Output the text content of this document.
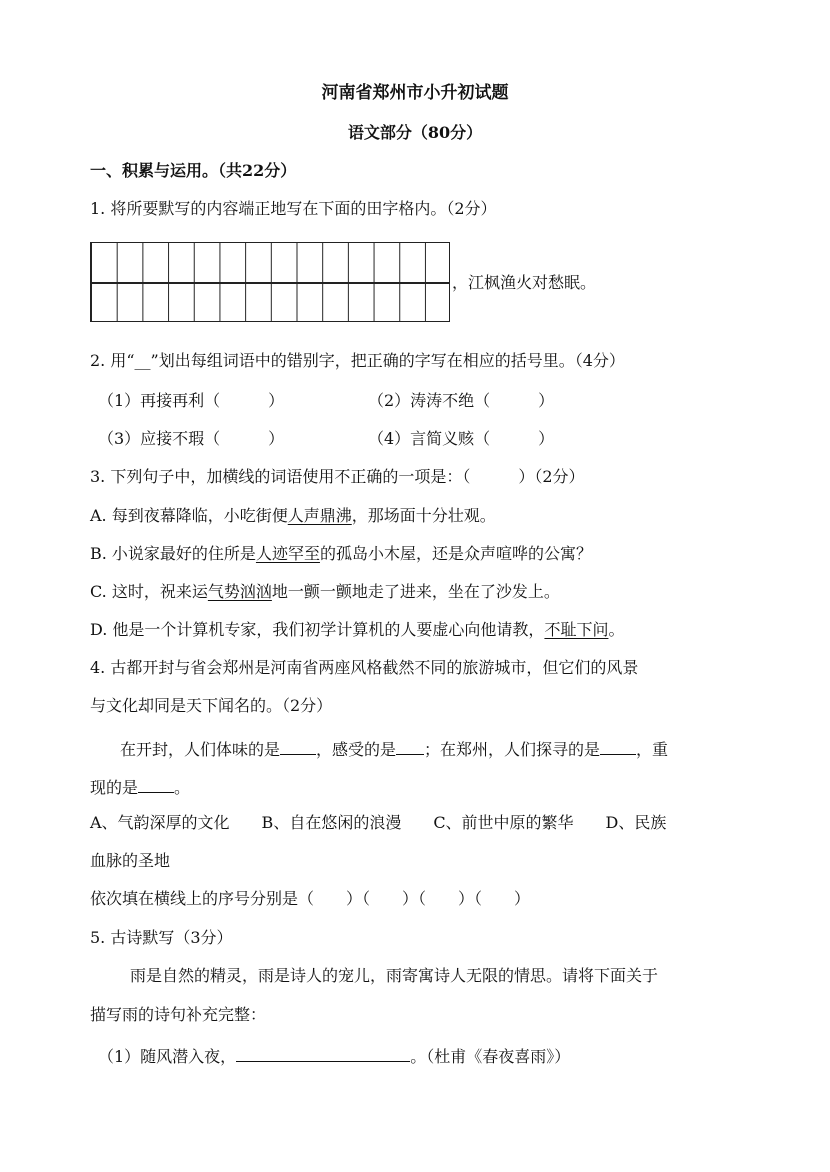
河南省郑州市小升初试题
语文部分（80分）
一、积累与运用。（共22分）
1. 将所要默写的内容端正地写在下面的田字格内。（2分）
，江枫渔火对愁眠。
2. 用“__”划出每组词语中的错别字，把正确的字写在相应的括号里。（4分）
（1）再接再利（　　　）	（2）涛涛不绝（　　　）
（3）应接不瑕（　　　）	（4）言简义赅（　　　）
3. 下列句子中，加横线的词语使用不正确的一项是：（　　　）（2分）
A. 每到夜幕降临，小吃街便人声鼎沸，那场面十分壮观。
B. 小说家最好的住所是人迹罕至的孤岛小木屋，还是众声喧哗的公寓？
C. 这时，祝来运气势汹汹地一颤一颤地走了进来，坐在了沙发上。
D. 他是一个计算机专家，我们初学计算机的人要虚心向他请教，不耻下问。
4. 古都开封与省会郑州是河南省两座风格截然不同的旅游城市，但它们的风景
与文化却同是天下闻名的。（2分）
在开封，人们体味的是 ，感受的是 ；在郑州，人们探寻的是 ，重
现的是 。
A、气韵深厚的文化　　B、自在悠闲的浪漫　　C、前世中原的繁华　　D、民族
血脉的圣地
依次填在横线上的序号分别是（　　）（　　）（　　）（　　）
5. 古诗默写（3分）
雨是自然的精灵，雨是诗人的宠儿，雨寄寓诗人无限的情思。请将下面关于
描写雨的诗句补充完整：
（1）随风潜入夜，	。（杜甫《春夜喜雨》）
